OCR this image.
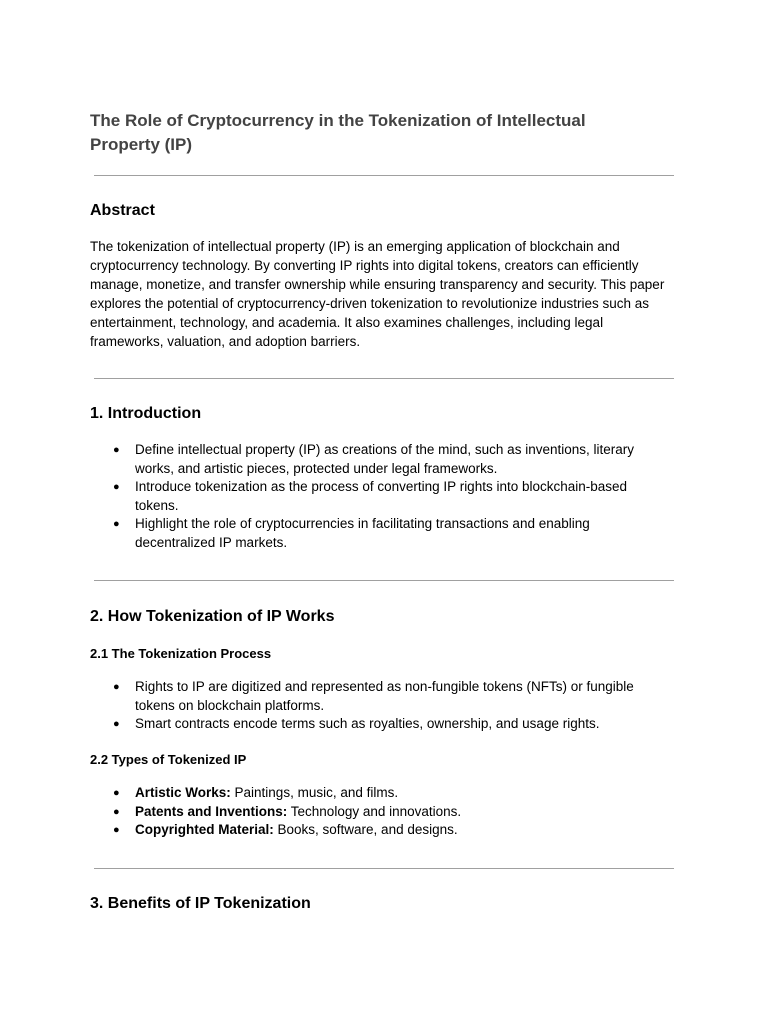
The Role of Cryptocurrency in the Tokenization of Intellectual
Property (IP)
Abstract
The tokenization of intellectual property (IP) is an emerging application of blockchain and
cryptocurrency technology. By converting IP rights into digital tokens, creators can efficiently
manage, monetize, and transfer ownership while ensuring transparency and security. This paper
explores the potential of cryptocurrency-driven tokenization to revolutionize industries such as
entertainment, technology, and academia. It also examines challenges, including legal
frameworks, valuation, and adoption barriers.
1. Introduction
● Define intellectual property (IP) as creations of the mind, such as inventions, literary
works, and artistic pieces, protected under legal frameworks.
● Introduce tokenization as the process of converting IP rights into blockchain-based
tokens.
● Highlight the role of cryptocurrencies in facilitating transactions and enabling
decentralized IP markets.
2. How Tokenization of IP Works
2.1 The Tokenization Process
● Rights to IP are digitized and represented as non-fungible tokens (NFTs) or fungible
tokens on blockchain platforms.
● Smart contracts encode terms such as royalties, ownership, and usage rights.
2.2 Types of Tokenized IP
● Artistic Works: Paintings, music, and films.
● Patents and Inventions: Technology and innovations.
● Copyrighted Material: Books, software, and designs.
3. Benefits of IP Tokenization
